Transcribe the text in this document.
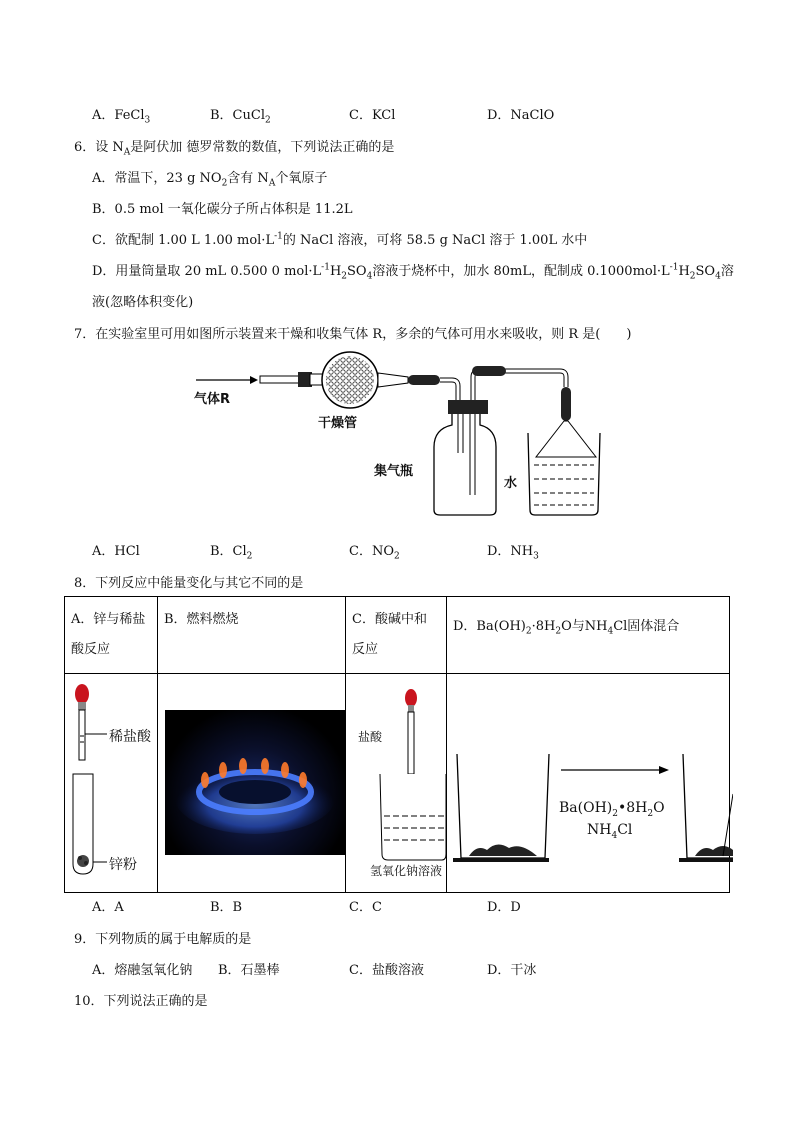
A．FeCl$_3$	B．CuCl$_2$	C．KCl	D．NaClO
6．设 $N_A$是阿伏加 德罗常数的数值，下列说法正确的是
A．常温下，23 g $NO_2$含有 $N_A$个氧原子
B．0.5 mol 一氧化碳分子所占体积是 11.2L
C．欲配制 1.00 L 1.00 $mol\cdot L^{-1}$的 NaCl 溶液，可将 58.5 g NaCl 溶于 1.00L 水中
D．用量筒量取 20 mL 0.500 0 $mol\cdot L^{-1}H_2SO_4$溶液于烧杯中，加水 80mL，配制成 $0.1000mol\cdot L^{-1}H_2SO_4$溶
液(忽略体积变化)
7．在实验室里可用如图所示装置来干燥和收集气体 R，多余的气体可用水来吸收，则 R 是(　　)
气体R
干燥管
集气瓶
水
A．HCl	B．$Cl_2$	C．$NO_2$	D．$NH_3$
8．下列反应中能量变化与其它不同的是
A．锌与稀盐酸反应	B．燃料燃烧	C．酸碱中和反应	D．$Ba(OH)_2\cdot 8H_2O$与$NH_4Cl$固体混合

稀盐酸
锌粉		盐酸
氢氧化钠溶液	$Ba(OH)_2•8H_2O$
$NH_4Cl$
A．A	B．B	C．C	D．D
9．下列物质的属于电解质的是
A．熔融氢氧化钠 B．石墨棒	C．盐酸溶液	D．干冰
10．下列说法正确的是
